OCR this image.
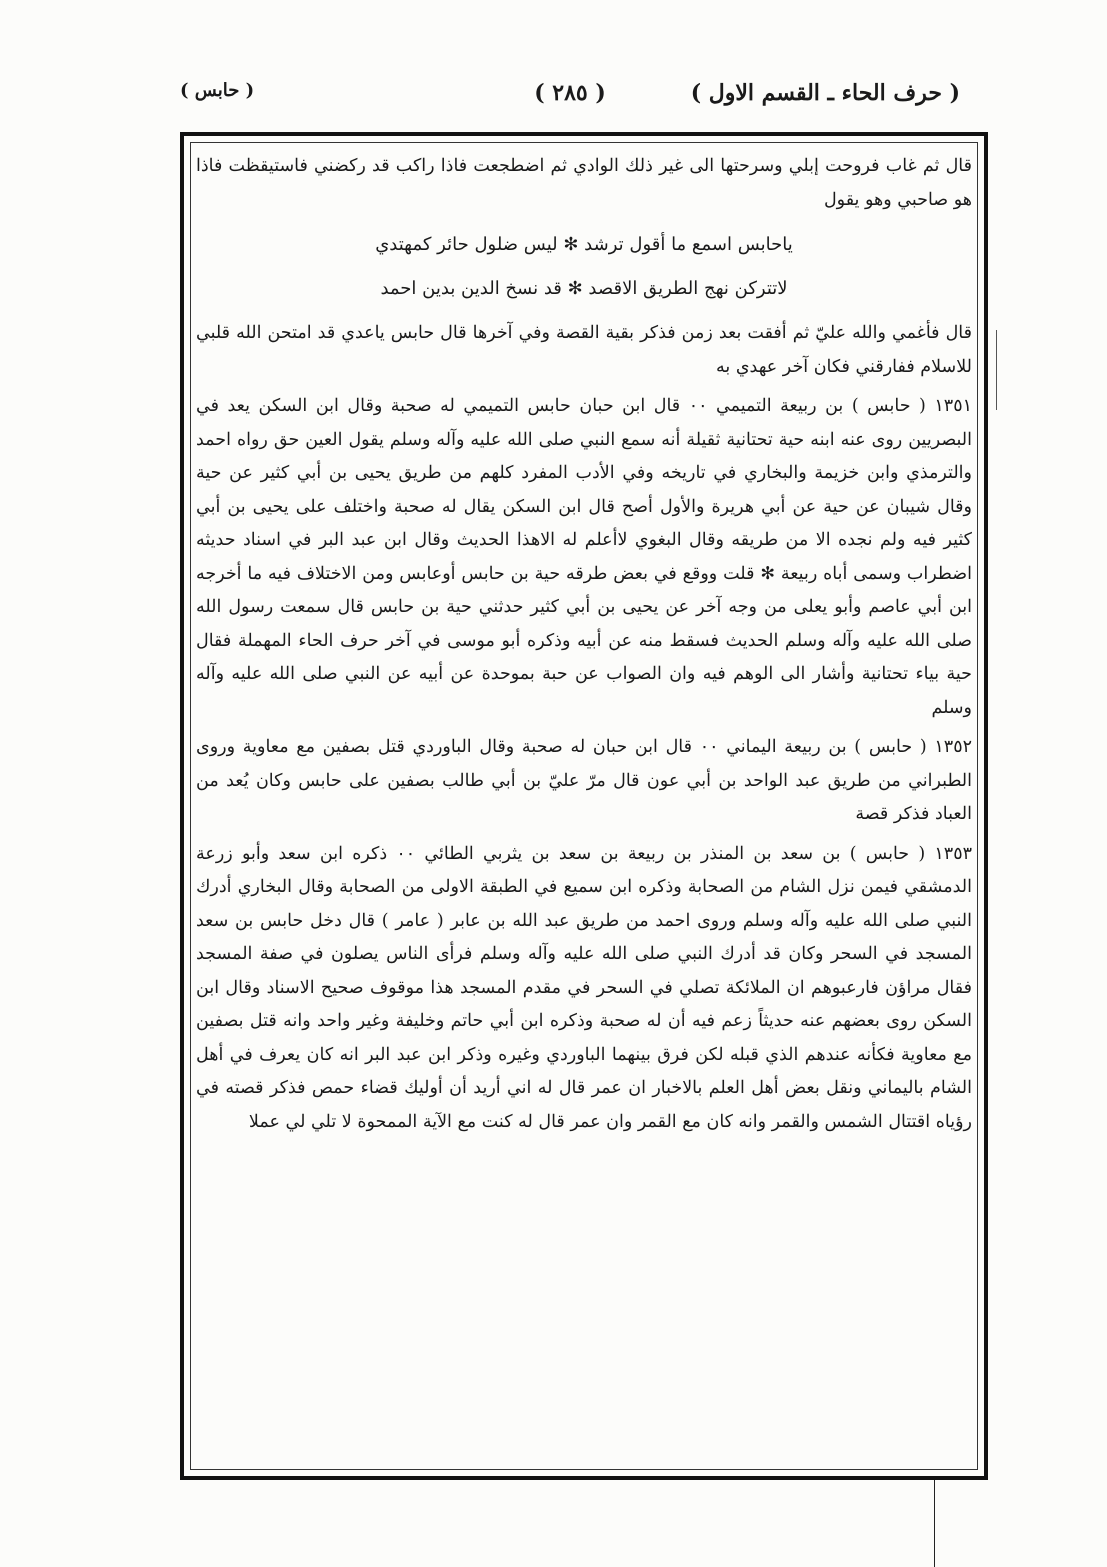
( حرف الحاء ـ القسم الاول )
( ٢٨٥ )
( حابس )

قال ثم غاب فروحت إبلي وسرحتها الى غير ذلك الوادي ثم اضطجعت فاذا راكب قد ركضني فاستيقظت فاذا هو صاحبي وهو يقول

ياحابس اسمع ما أقول ترشد ✻ ليس ضلول حائر كمهتدي

لاتتركن نهج الطريق الاقصد ✻ قد نسخ الدين بدين احمد

قال فأغمي والله عليّ ثم أفقت بعد زمن فذكر بقية القصة وفي آخرها قال حابس ياعدي قد امتحن الله قلبي للاسلام ففارقني فكان آخر عهدي به

١٣٥١ ( حابس ) بن ربيعة التميمي ٠٠ قال ابن حبان حابس التميمي له صحبة وقال ابن السكن يعد في البصريين روى عنه ابنه حية تحتانية ثقيلة أنه سمع النبي صلى الله عليه وآله وسلم يقول العين حق رواه احمد والترمذي وابن خزيمة والبخاري في تاريخه وفي الأدب المفرد كلهم من طريق يحيى بن أبي كثير عن حية وقال شيبان عن حية عن أبي هريرة والأول أصح قال ابن السكن يقال له صحبة واختلف على يحيى بن أبي كثير فيه ولم نجده الا من طريقه وقال البغوي لاأعلم له الاهذا الحديث وقال ابن عبد البر في اسناد حديثه اضطراب وسمى أباه ربيعة ✻ قلت ووقع في بعض طرقه حية بن حابس أوعابس ومن الاختلاف فيه ما أخرجه ابن أبي عاصم وأبو يعلى من وجه آخر عن يحيى بن أبي كثير حدثني حية بن حابس قال سمعت رسول الله صلى الله عليه وآله وسلم الحديث فسقط منه عن أبيه وذكره أبو موسى في آخر حرف الحاء المهملة فقال حية بياء تحتانية وأشار الى الوهم فيه وان الصواب عن حبة بموحدة عن أبيه عن النبي صلى الله عليه وآله وسلم

١٣٥٢ ( حابس ) بن ربيعة اليماني ٠٠ قال ابن حبان له صحبة وقال الباوردي قتل بصفين مع معاوية وروى الطبراني من طريق عبد الواحد بن أبي عون قال مرّ عليّ بن أبي طالب بصفين على حابس وكان يُعد من العباد فذكر قصة

١٣٥٣ ( حابس ) بن سعد بن المنذر بن ربيعة بن سعد بن يثربي الطائي ٠٠ ذكره ابن سعد وأبو زرعة الدمشقي فيمن نزل الشام من الصحابة وذكره ابن سميع في الطبقة الاولى من الصحابة وقال البخاري أدرك النبي صلى الله عليه وآله وسلم وروى احمد من طريق عبد الله بن عابر ( عامر ) قال دخل حابس بن سعد المسجد في السحر وكان قد أدرك النبي صلى الله عليه وآله وسلم فرأى الناس يصلون في صفة المسجد فقال مراؤن فارعبوهم ان الملائكة تصلي في السحر في مقدم المسجد هذا موقوف صحيح الاسناد وقال ابن السكن روى بعضهم عنه حديثاً زعم فيه أن له صحبة وذكره ابن أبي حاتم وخليفة وغير واحد وانه قتل بصفين مع معاوية فكأنه عندهم الذي قبله لكن فرق بينهما الباوردي وغيره وذكر ابن عبد البر انه كان يعرف في أهل الشام باليماني ونقل بعض أهل العلم بالاخبار ان عمر قال له اني أريد أن أوليك قضاء حمص فذكر قصته في رؤياه اقتتال الشمس والقمر وانه كان مع القمر وان عمر قال له كنت مع الآية الممحوة لا تلي لي عملا
